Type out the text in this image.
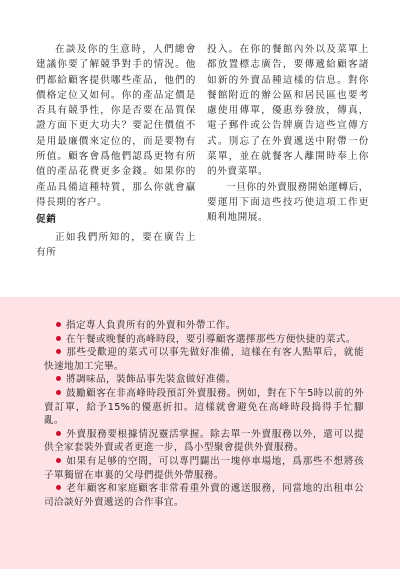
在談及你的生意時，人們總會建議你要了解競爭對手的情況。他們都給顧客提供哪些產品，他們的價格定位又如何。你的產品定價是否具有競爭性，你是否要在品質保證方面下更大功夫？要記住價值不是用最廉價來定位的，而是要物有所值。顧客會爲他們認爲更物有所值的產品花費更多金錢。如果你的產品具備這種特質，那么你就會贏得長期的客户。

促銷

正如我們所知的，要在廣告上有所

投入。在你的餐館內外以及菜單上都放置標志廣告，要傳遞給顧客諸如新的外賣品種這樣的信息。對你餐館附近的辦公區和居民區也要考慮使用傳單，優惠券發放，傳真，電子郵件或公告牌廣告這些宣傳方式。別忘了在外賣遞送中附帶一份菜單，並在就餐客人離開時奉上你的外賣菜單。

一旦你的外賣服務開始運轉后，要運用下面這些技巧使這項工作更順利地開展。

指定專人負責所有的外賣和外帶工作。

在午餐或晚餐的高峰時段，要引導顧客選擇那些方便快捷的菜式。

那些受歡迎的菜式可以事先做好准備，這樣在有客人點單后，就能快速地加工完畢。

將調味品，裝飾品事先裝盒做好准備。

鼓勵顧客在非高峰時段預訂外賣服務。例如，對在下午5時以前的外賣訂單，給予15%的優惠折扣。這樣就會避免在高峰時段捣得手忙腳亂。

外賣服務要根據情況靈活掌握。除去單一外賣服務以外，還可以提供全家套裝外賣或者更進一步，爲小型聚會提供外賣服務。

如果有足够的空間，可以專門闢出一塊停車場地，爲那些不想將孩子單獨留在車裏的父母們提供外帶服務。

老年顧客和家庭顧客非常看重外賣的遞送服務，同當地的出租車公司洽談好外賣遞送的合作事宜。
